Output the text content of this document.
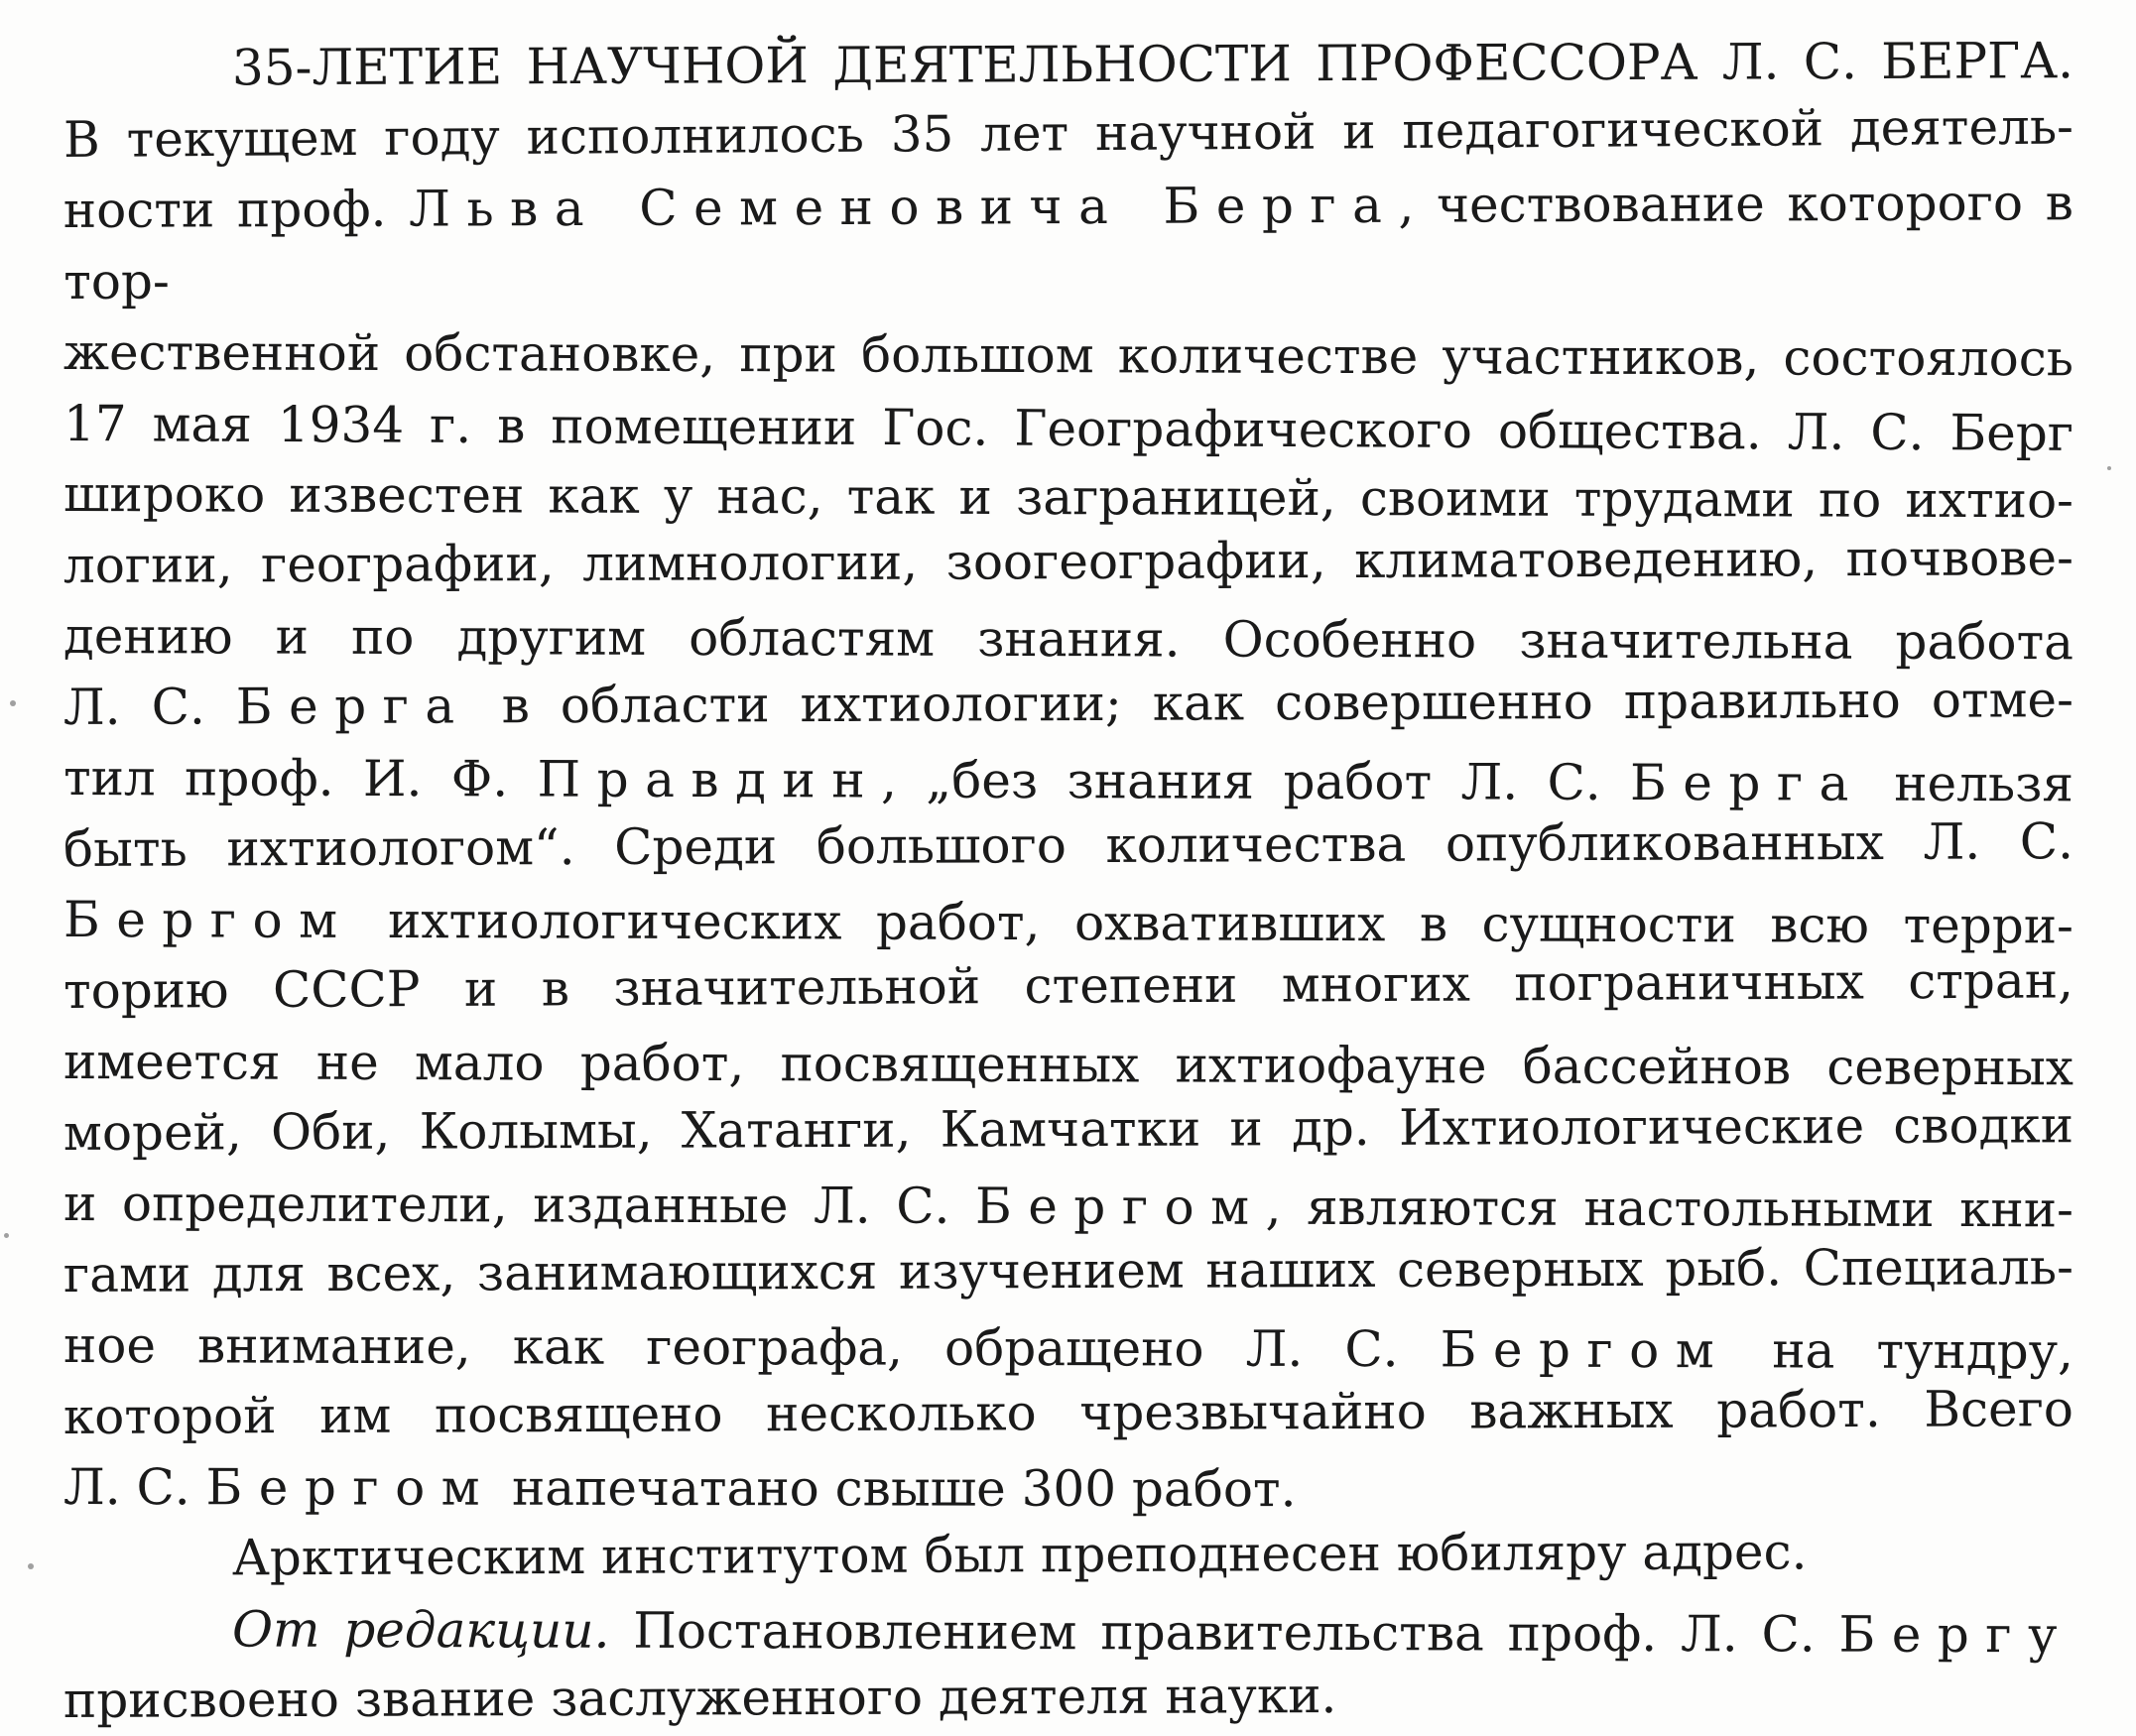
35-ЛЕТИЕ НАУЧНОЙ ДЕЯТЕЛЬНОСТИ ПРОФЕССОРА Л. С. БЕРГА.
В текущем году исполнилось 35 лет научной и педагогической деятель-
ности проф. Льва Семеновича Берга, чествование которого в тор-
жественной обстановке, при большом количестве участников, состоялось
17 мая 1934 г. в помещении Гос. Географического общества. Л. С. Берг
широко известен как у нас, так и заграницей, своими трудами по ихтио-
логии, географии, лимнологии, зоогеографии, климатоведению, почвове-
дению и по другим областям знания. Особенно значительна работа
Л. С. Берга в области ихтиологии; как совершенно правильно отме-
тил проф. И. Ф. Правдин, „без знания работ Л. С. Берга нельзя
быть ихтиологом“. Среди большого количества опубликованных Л. С.
Бергом ихтиологических работ, охвативших в сущности всю терри-
торию СССР и в значительной степени многих пограничных стран,
имеется не мало работ, посвященных ихтиофауне бассейнов северных
морей, Оби, Колымы, Хатанги, Камчатки и др. Ихтиологические сводки
и определители, изданные Л. С. Бергом, являются настольными кни-
гами для всех, занимающихся изучением наших северных рыб. Специаль-
ное внимание, как географа, обращено Л. С. Бергом на тундру,
которой им посвящено несколько чрезвычайно важных работ. Всего
Л. С. Бергом напечатано свыше 300 работ.
Арктическим институтом был преподнесен юбиляру адрес.
От редакции. Постановлением правительства проф. Л. С. Бергу
присвоено звание заслуженного деятеля науки.
